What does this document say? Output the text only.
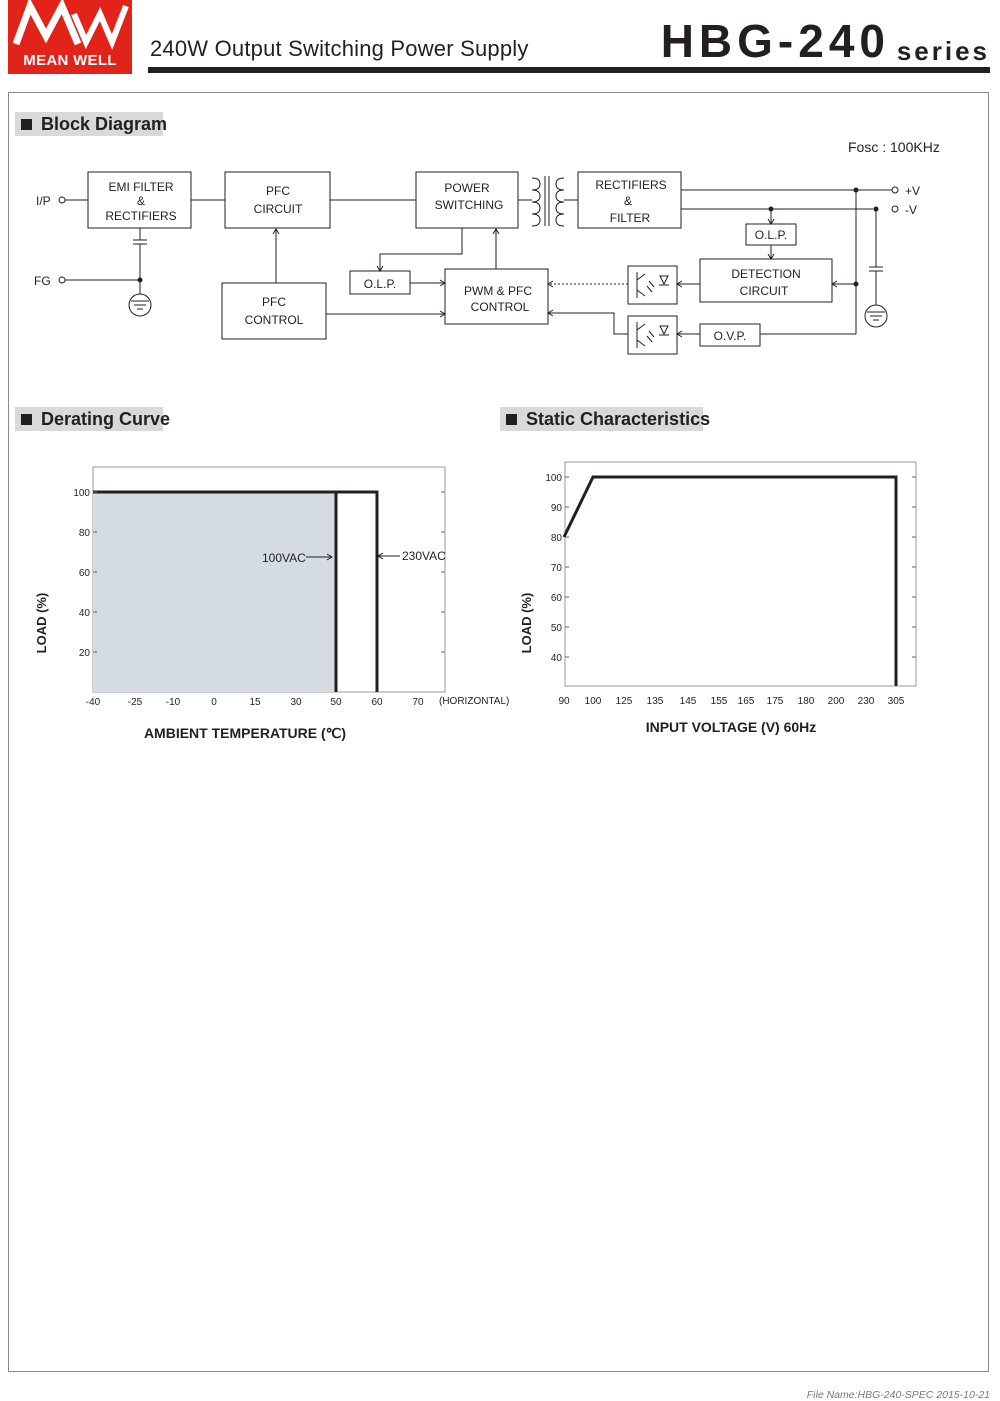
MEAN WELL	240W Output Switching Power Supply	HBG-240 series
Block Diagram
Fosc : 100KHz
EMI FILTER
&
RECTIFIERS
PFC
CIRCUIT
POWER
SWITCHING
RECTIFIERS
&
FILTER
PFC
CONTROL
PWM & PFC
CONTROL
O.L.P.
O.L.P.
DETECTION
CIRCUIT
O.V.P.
I/P
FG
+V
-V
Derating Curve	Static Characteristics
20
40
60
80
100
-40	-25 -10	0	15	30	50	60	70 (HORIZONTAL)
AMBIENT TEMPERATURE (℃)
LOAD (%)
100VAC	230VAC
40
50
60
70
80
90
100
90 100 125 135 145 155 165 175 180 200 230 305
INPUT VOLTAGE (V) 60Hz
LOAD (%)
File Name:HBG-240-SPEC 2015-10-21
